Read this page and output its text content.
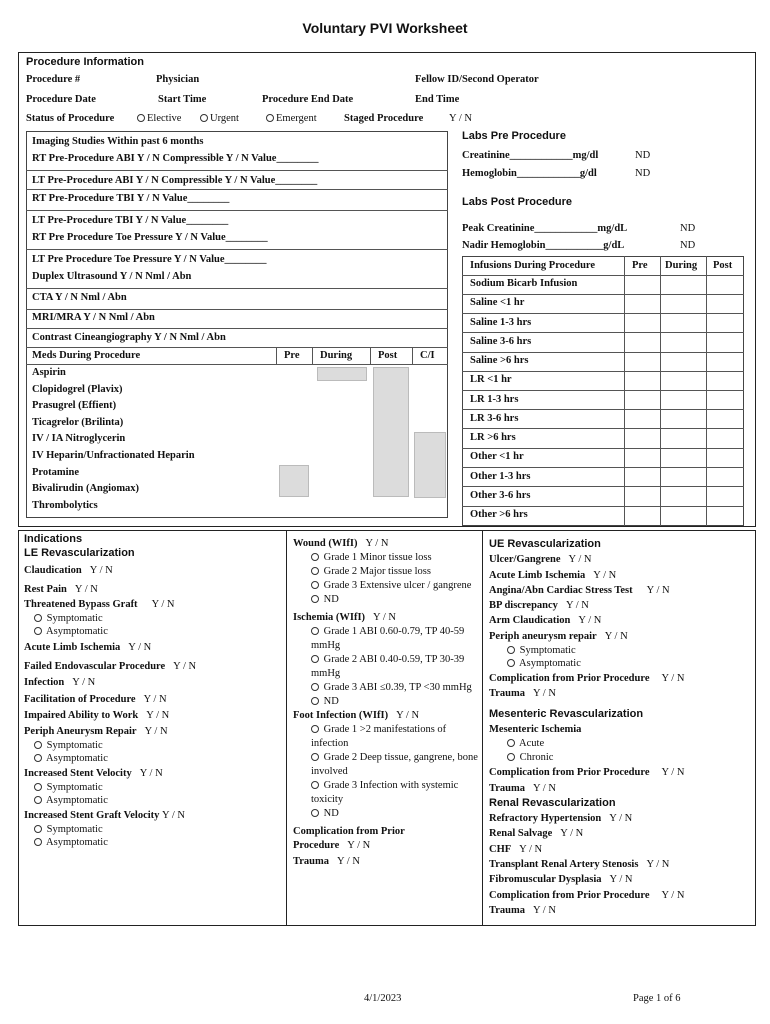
Voluntary PVI Worksheet
Procedure Information
Procedure #	Physician	Fellow ID/Second Operator
Procedure Date	Start Time	Procedure End Date	End Time
Status of Procedure	Elective	Urgent	Emergent	Staged Procedure Y / N
Imaging Studies Within past 6 months
RT Pre-Procedure ABI Y / N Compressible Y / N Value________
LT Pre-Procedure ABI Y / N Compressible Y / N Value________
RT Pre-Procedure TBI Y / N Value________
LT Pre-Procedure TBI Y / N Value________
RT Pre Procedure Toe Pressure Y / N Value________
LT Pre Procedure Toe Pressure Y / N Value________
Duplex Ultrasound Y / N Nml / Abn
CTA Y / N Nml / Abn
MRI/MRA Y / N Nml / Abn
Contrast Cineangiography Y / N Nml / Abn
Meds During Procedure	Pre During Post C/I
Aspirin
Clopidogrel (Plavix)
Prasugrel (Effient)
Ticagrelor (Brilinta)
IV / IA Nitroglycerin
IV Heparin/Unfractionated Heparin
Protamine
Bivalirudin (Angiomax)
Thrombolytics
Labs Pre Procedure
Creatinine____________mg/dl	ND
Hemoglobin____________g/dl	ND
Labs Post Procedure
Peak Creatinine____________mg/dL	ND
Nadir Hemoglobin___________g/dL	ND
Infusions During Procedure	Pre During Post
Sodium Bicarb Infusion
Saline <1 hr
Saline 1-3 hrs
Saline 3-6 hrs
Saline >6 hrs
LR <1 hr
LR 1-3 hrs
LR 3-6 hrs
LR >6 hrs
Other <1 hr
Other 1-3 hrs
Other 3-6 hrs
Other >6 hrs
Indications
LE Revascularization
Claudication Y / N
Rest Pain Y / N
Threatened Bypass Graft Y / N
Symptomatic
Asymptomatic
Acute Limb Ischemia Y / N
Failed Endovascular Procedure Y / N
Infection Y / N
Facilitation of Procedure Y / N
Impaired Ability to Work Y / N
Periph Aneurysm Repair Y / N
Symptomatic
Asymptomatic
Increased Stent Velocity Y / N
Symptomatic
Asymptomatic
Increased Stent Graft Velocity Y / N
Symptomatic
Asymptomatic
Wound (WIfI) Y / N
Grade 1 Minor tissue loss
Grade 2 Major tissue loss
Grade 3 Extensive ulcer / gangrene
ND
Ischemia (WIfI) Y / N
Grade 1 ABI 0.60-0.79, TP 40-59 mmHg
Grade 2 ABI 0.40-0.59, TP 30-39 mmHg
Grade 3 ABI ≤0.39, TP <30 mmHg
ND
Foot Infection (WIfI) Y / N
Grade 1 >2 manifestations of infection
Grade 2 Deep tissue, gangrene, bone involved
Grade 3 Infection with systemic toxicity
ND
Complication from Prior Procedure Y / N
Trauma Y / N
UE Revascularization
Ulcer/Gangrene Y / N
Acute Limb Ischemia Y / N
Angina/Abn Cardiac Stress Test Y / N
BP discrepancy Y / N
Arm Claudication Y / N
Periph aneurysm repair Y / N
Symptomatic
Asymptomatic
Complication from Prior Procedure Y / N
Trauma Y / N
Mesenteric Revascularization
Mesenteric Ischemia
Acute
Chronic
Complication from Prior Procedure Y / N
Trauma Y / N
Renal Revascularization
Refractory Hypertension Y / N
Renal Salvage Y / N
CHF Y / N
Transplant Renal Artery Stenosis Y / N
Fibromuscular Dysplasia Y / N
Complication from Prior Procedure Y / N
Trauma Y / N
4/1/2023	Page 1 of 6
